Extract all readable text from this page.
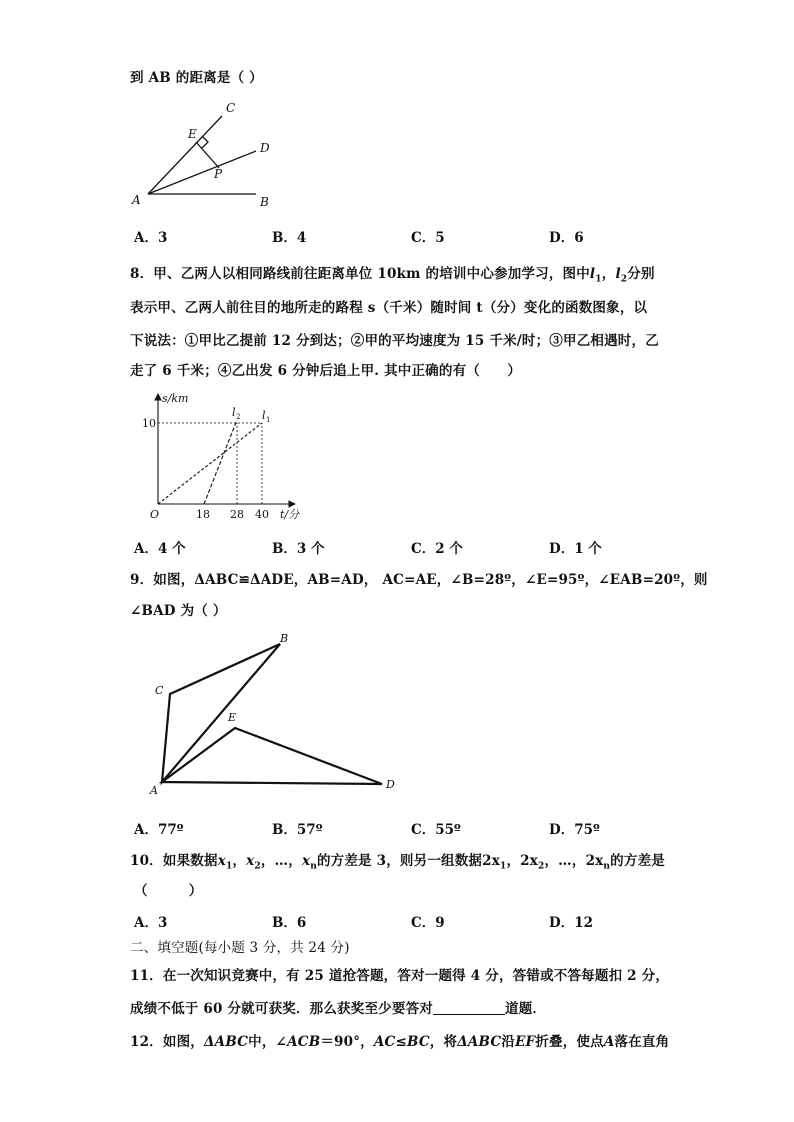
到 AB 的距离是（ ）
A	B
C
D
E
P
A．3	B．4	C．5	D．6
8．甲、乙两人以相同路线前往距离单位 10km 的培训中心参加学习，图中$l_1$，$l_2$分别
表示甲、乙两人前往目的地所走的路程 s（千米）随时间 t（分）变化的函数图象，以
下说法：①甲比乙提前 12 分到达；②甲的平均速度为 15 千米/时；③甲乙相遇时，乙
走了 6 千米；④乙出发 6 分钟后追上甲. 其中正确的有（　　）
s/km
t/分
O
10
18 28 40
l 2 l 1
A．4 个	B．3 个	C．2 个	D．1 个
9．如图，ΔABC≌ΔADE，AB=AD， AC=AE，∠B=28º，∠E=95º，∠EAB=20º，则
∠BAD 为（ ）
A
B
C
D
E
A．77º	B．57º	C．55º	D．75º
10．如果数据$x_1$，$x_2$，…，$x_n$的方差是 3，则另一组数据$2x_1$，$2x_2$，…，$2x_n$的方差是
（　　　）
A．3	B．6	C．9	D．12
二、填空题(每小题 3 分，共 24 分)
11．在一次知识竞赛中，有 25 道抢答题，答对一题得 4 分，答错或不答每题扣 2 分，
成绩不低于 60 分就可获奖．那么获奖至少要答对	道题．
12．如图，ΔABC中，∠ACB＝90°，AC≤BC，将ΔABC沿EF折叠，使点A落在直角
